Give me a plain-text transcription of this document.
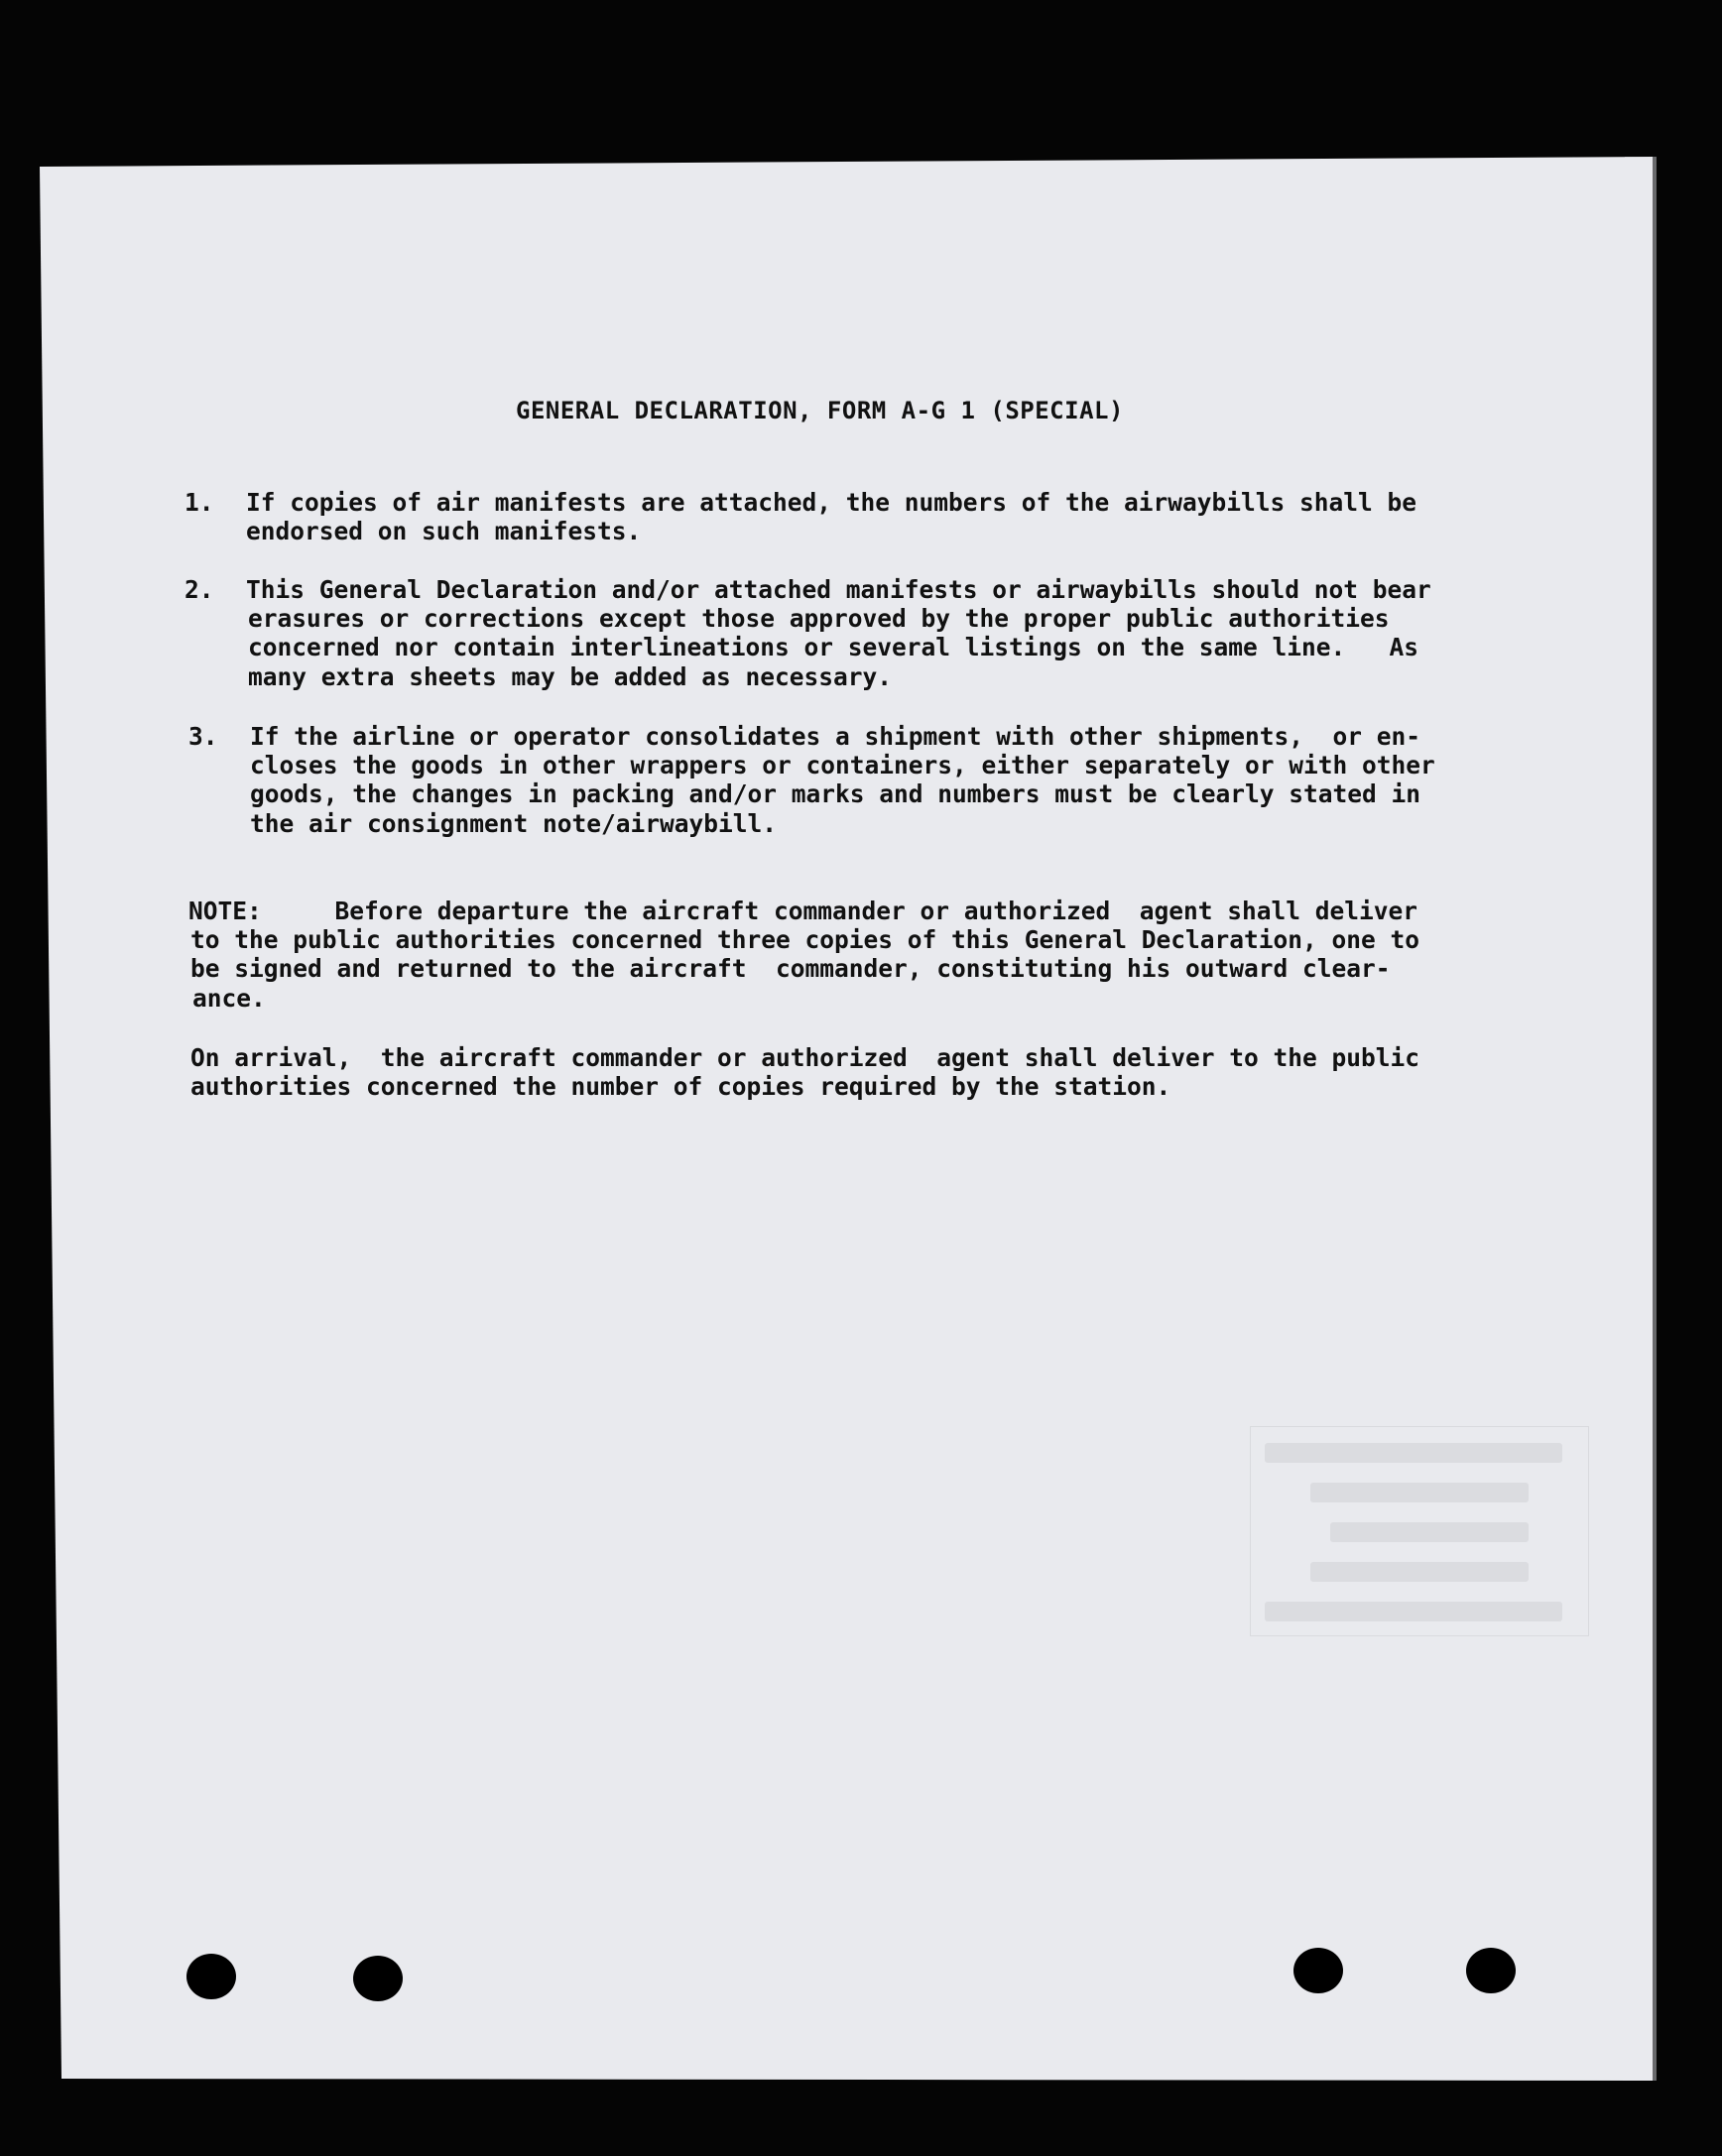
GENERAL DECLARATION, FORM A-G 1 (SPECIAL)
1. If copies of air manifests are attached, the numbers of the airwaybills shall be
endorsed on such manifests.
2. This General Declaration and/or attached manifests or airwaybills should not bear
erasures or corrections except those approved by the proper public authorities
concerned nor contain interlineations or several listings on the same line.   As
many extra sheets may be added as necessary.
3. If the airline or operator consolidates a shipment with other shipments,  or en-
closes the goods in other wrappers or containers, either separately or with other
goods, the changes in packing and/or marks and numbers must be clearly stated in
the air consignment note/airwaybill.
NOTE:     Before departure the aircraft commander or authorized  agent shall deliver
to the public authorities concerned three copies of this General Declaration, one to
be signed and returned to the aircraft  commander, constituting his outward clear-
ance.
On arrival,  the aircraft commander or authorized  agent shall deliver to the public
authorities concerned the number of copies required by the station.
